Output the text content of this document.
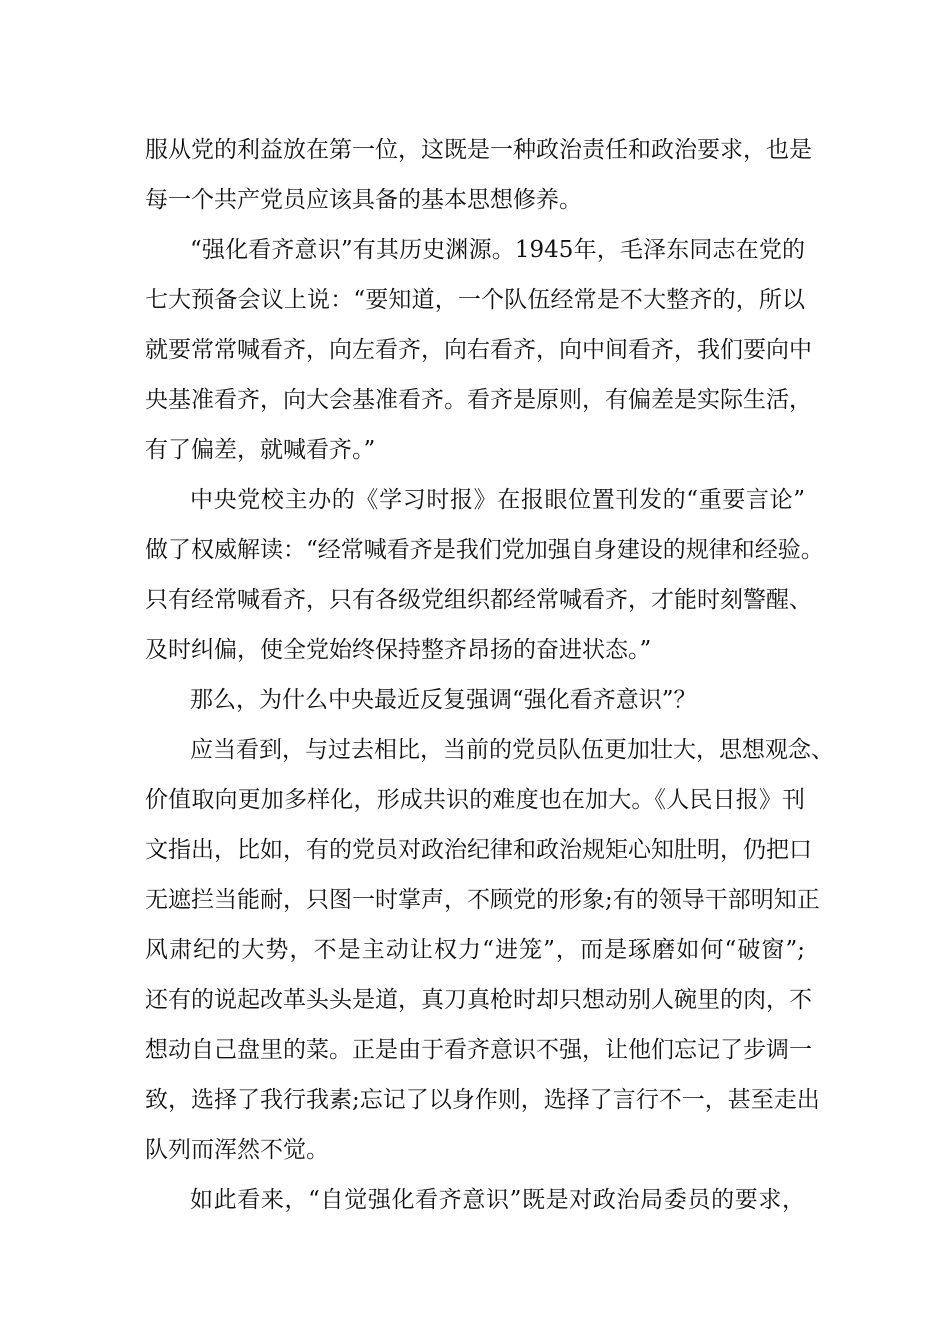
服从党的利益放在第一位，这既是一种政治责任和政治要求，也是
每一个共产党员应该具备的基本思想修养。
“强化看齐意识”有其历史渊源。1945年，毛泽东同志在党的
七大预备会议上说：“要知道，一个队伍经常是不大整齐的，所以
就要常常喊看齐，向左看齐，向右看齐，向中间看齐，我们要向中
央基准看齐，向大会基准看齐。看齐是原则，有偏差是实际生活，
有了偏差，就喊看齐。”
中央党校主办的《学习时报》在报眼位置刊发的“重要言论”
做了权威解读：“经常喊看齐是我们党加强自身建设的规律和经验。
只有经常喊看齐，只有各级党组织都经常喊看齐，才能时刻警醒、
及时纠偏，使全党始终保持整齐昂扬的奋进状态。”
那么，为什么中央最近反复强调“强化看齐意识”？
应当看到，与过去相比，当前的党员队伍更加壮大，思想观念、
价值取向更加多样化，形成共识的难度也在加大。《人民日报》刊
文指出，比如，有的党员对政治纪律和政治规矩心知肚明，仍把口
无遮拦当能耐，只图一时掌声，不顾党的形象;有的领导干部明知正
风肃纪的大势，不是主动让权力“进笼”，而是琢磨如何“破窗”;
还有的说起改革头头是道，真刀真枪时却只想动别人碗里的肉，不
想动自己盘里的菜。正是由于看齐意识不强，让他们忘记了步调一
致，选择了我行我素;忘记了以身作则，选择了言行不一，甚至走出
队列而浑然不觉。
如此看来，“自觉强化看齐意识”既是对政治局委员的要求，
